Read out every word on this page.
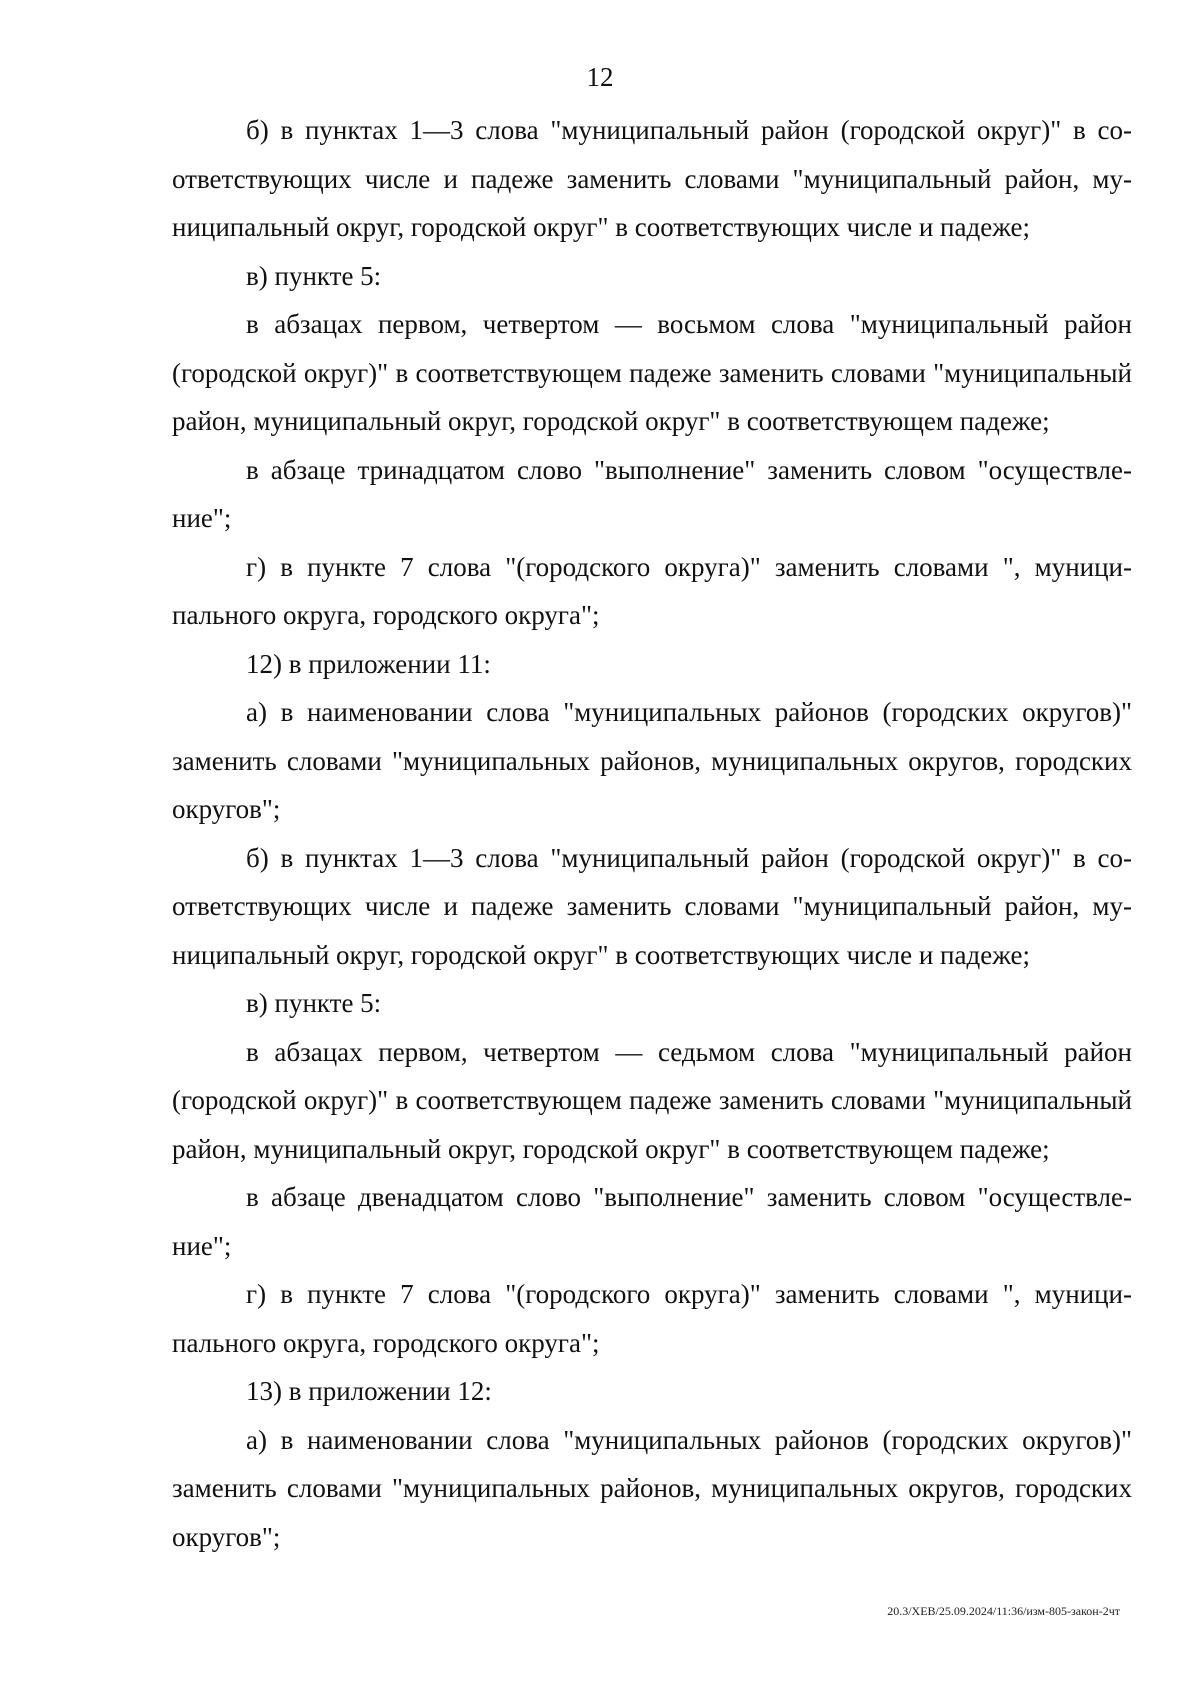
12

б) в пунктах 1—3 слова "муниципальный район (городской округ)" в соответствующих числе и падеже заменить словами "муниципальный район, муниципальный округ, городской округ" в соответствующих числе и падеже;

в) пункте 5:

в абзацах первом, четвертом — восьмом слова "муниципальный район (городской округ)" в соответствующем падеже заменить словами "муниципальный район, муниципальный округ, городской округ" в соответствующем падеже;

в абзаце тринадцатом слово "выполнение" заменить словом "осуществление";

г) в пункте 7 слова "(городского округа)" заменить словами ", муниципального округа, городского округа";

12) в приложении 11:

а) в наименовании слова "муниципальных районов (городских округов)" заменить словами "муниципальных районов, муниципальных округов, городских округов";

б) в пунктах 1—3 слова "муниципальный район (городской округ)" в соответствующих числе и падеже заменить словами "муниципальный район, муниципальный округ, городской округ" в соответствующих числе и падеже;

в) пункте 5:

в абзацах первом, четвертом — седьмом слова "муниципальный район (городской округ)" в соответствующем падеже заменить словами "муниципальный район, муниципальный округ, городской округ" в соответствующем падеже;

в абзаце двенадцатом слово "выполнение" заменить словом "осуществление";

г) в пункте 7 слова "(городского округа)" заменить словами ", муниципального округа, городского округа";

13) в приложении 12:

а) в наименовании слова "муниципальных районов (городских округов)" заменить словами "муниципальных районов, муниципальных округов, городских округов";

20.3/ХЕВ/25.09.2024/11:36/изм-805-закон-2чт
